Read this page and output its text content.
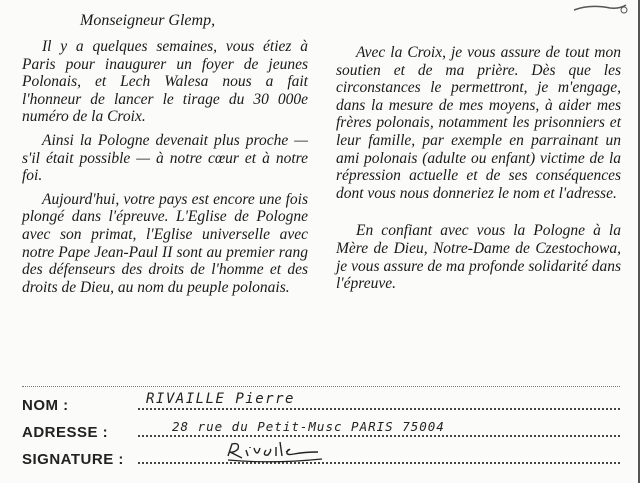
Monseigneur Glemp,

Il y a quelques semaines, vous étiez à Paris pour inaugurer un foyer de jeunes Polonais, et Lech Walesa nous a fait l'honneur de lancer le tirage du 30 000e numéro de la Croix.

Ainsi la Pologne devenait plus proche — s'il était possible — à notre cœur et à notre foi.

Aujourd'hui, votre pays est encore une fois plongé dans l'épreuve. L'Eglise de Pologne avec son primat, l'Eglise universelle avec notre Pape Jean-Paul II sont au premier rang des défenseurs des droits de l'homme et des droits de Dieu, au nom du peuple polonais.

Avec la Croix, je vous assure de tout mon soutien et de ma prière. Dès que les circonstances le permettront, je m'engage, dans la mesure de mes moyens, à aider mes frères polonais, notamment les prisonniers et leur famille, par exemple en parrainant un ami polonais (adulte ou enfant) victime de la répression actuelle et de ses conséquences dont vous nous donneriez le nom et l'adresse.

En confiant avec vous la Pologne à la Mère de Dieu, Notre-Dame de Czestochowa, je vous assure de ma profonde solidarité dans l'épreuve.

NOM :	RIVAILLE Pierre
ADRESSE :	28 rue du Petit-Musc PARIS 75004
SIGNATURE :
